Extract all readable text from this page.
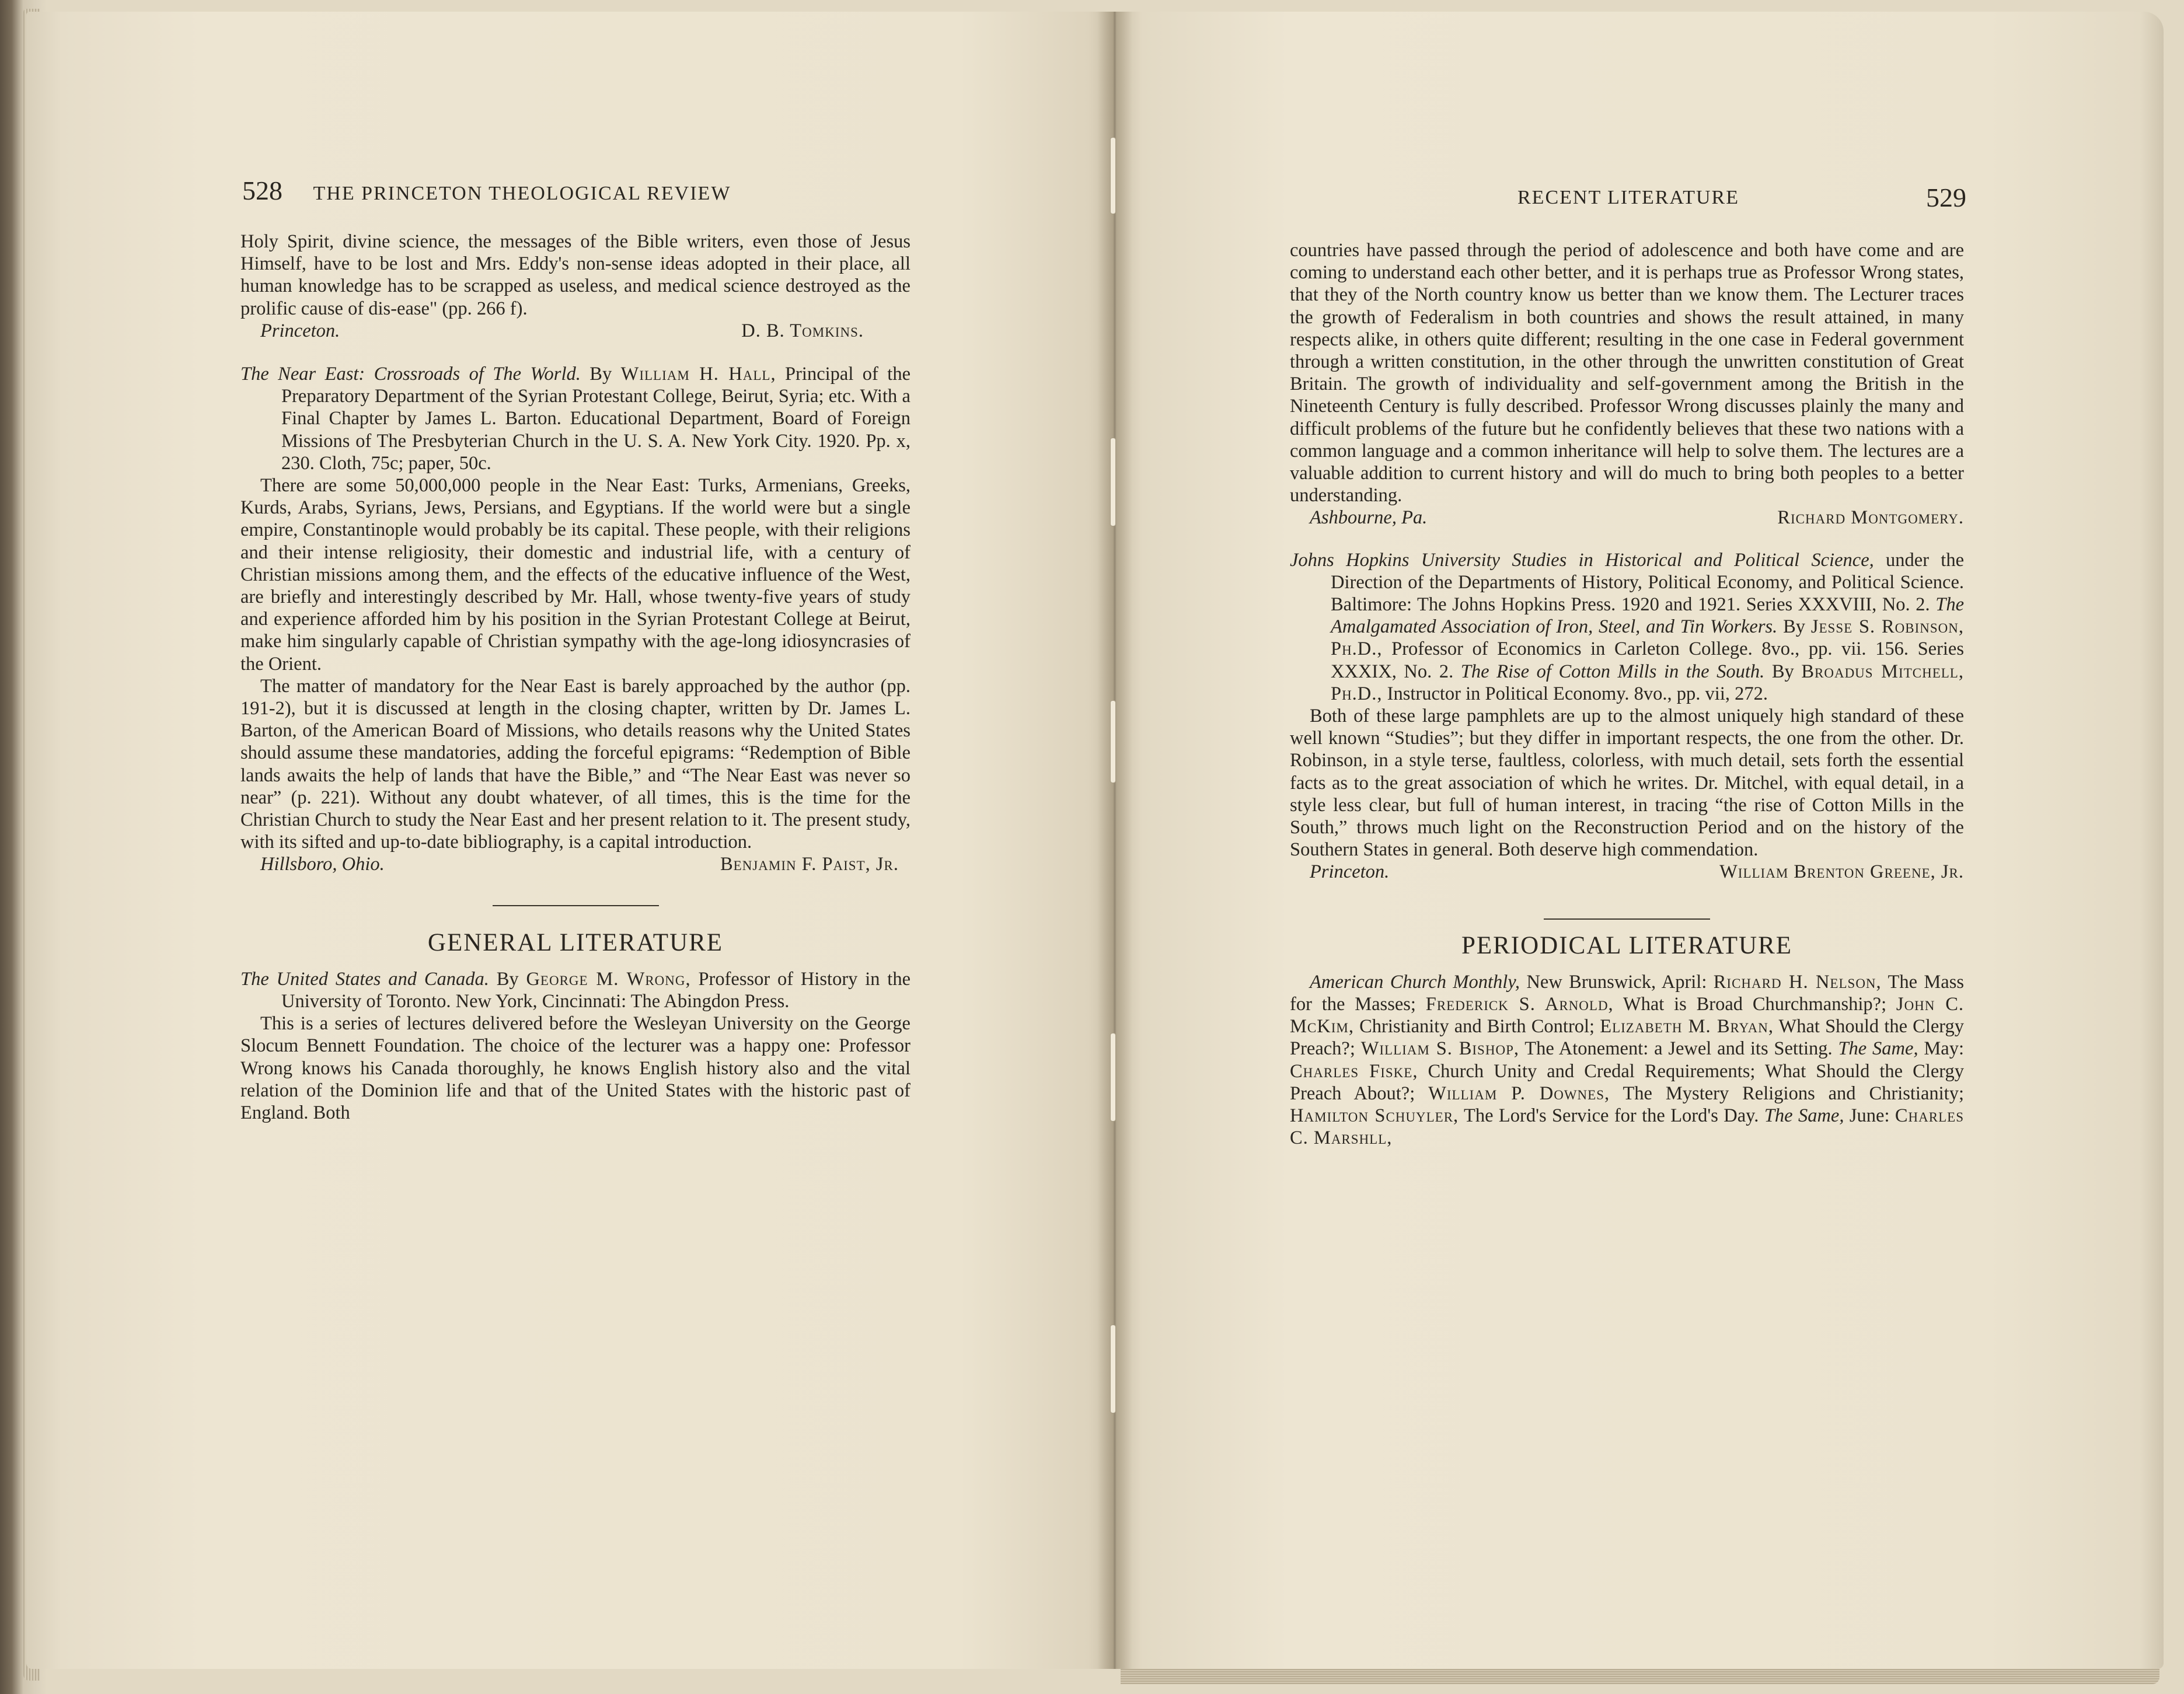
528 THE PRINCETON THEOLOGICAL REVIEW

Holy Spirit, divine science, the messages of the Bible writers, even those of Jesus Himself, have to be lost and Mrs. Eddy's non-sense ideas adopted in their place, all human knowledge has to be scrapped as useless, and medical science destroyed as the prolific cause of dis-ease" (pp. 266 f).

Princeton.	D. B. Tomkins.

The Near East: Crossroads of The World. By William H. Hall, Principal of the Preparatory Department of the Syrian Protestant College, Beirut, Syria; etc. With a Final Chapter by James L. Barton. Educational Department, Board of Foreign Missions of The Presbyterian Church in the U. S. A. New York City. 1920. Pp. x, 230. Cloth, 75c; paper, 50c.

There are some 50,000,000 people in the Near East: Turks, Armenians, Greeks, Kurds, Arabs, Syrians, Jews, Persians, and Egyptians. If the world were but a single empire, Constantinople would probably be its capital. These people, with their religions and their intense religiosity, their domestic and industrial life, with a century of Christian missions among them, and the effects of the educative influence of the West, are briefly and interestingly described by Mr. Hall, whose twenty-five years of study and experience afforded him by his position in the Syrian Protestant College at Beirut, make him singularly capable of Christian sympathy with the age-long idiosyncrasies of the Orient.

The matter of mandatory for the Near East is barely approached by the author (pp. 191-2), but it is discussed at length in the closing chapter, written by Dr. James L. Barton, of the American Board of Missions, who details reasons why the United States should assume these mandatories, adding the forceful epigrams: “Redemption of Bible lands awaits the help of lands that have the Bible,” and “The Near East was never so near” (p. 221). Without any doubt whatever, of all times, this is the time for the Christian Church to study the Near East and her present relation to it. The present study, with its sifted and up-to-date bibliography, is a capital introduction.

Hillsboro, Ohio.	Benjamin F. Paist, Jr.
GENERAL LITERATURE

The United States and Canada. By George M. Wrong, Professor of History in the University of Toronto. New York, Cincinnati: The Abingdon Press.

This is a series of lectures delivered before the Wesleyan University on the George Slocum Bennett Foundation. The choice of the lecturer was a happy one: Professor Wrong knows his Canada thoroughly, he knows English history also and the vital relation of the Dominion life and that of the United States with the historic past of England. Both

RECENT LITERATURE	529

countries have passed through the period of adolescence and both have come and are coming to understand each other better, and it is perhaps true as Professor Wrong states, that they of the North country know us better than we know them. The Lecturer traces the growth of Federalism in both countries and shows the result attained, in many respects alike, in others quite different; resulting in the one case in Federal government through a written constitution, in the other through the unwritten constitution of Great Britain. The growth of individuality and self-government among the British in the Nineteenth Century is fully described. Professor Wrong discusses plainly the many and difficult problems of the future but he confidently believes that these two nations with a common language and a common inheritance will help to solve them. The lectures are a valuable addition to current history and will do much to bring both peoples to a better understanding.

Ashbourne, Pa.	Richard Montgomery.

Johns Hopkins University Studies in Historical and Political Science, under the Direction of the Departments of History, Political Economy, and Political Science. Baltimore: The Johns Hopkins Press. 1920 and 1921. Series XXXVIII, No. 2. The Amalgamated Association of Iron, Steel, and Tin Workers. By Jesse S. Robinson, Ph.D., Professor of Economics in Carleton College. 8vo., pp. vii. 156. Series XXXIX, No. 2. The Rise of Cotton Mills in the South. By Broadus Mitchell, Ph.D., Instructor in Political Economy. 8vo., pp. vii, 272.

Both of these large pamphlets are up to the almost uniquely high standard of these well known “Studies”; but they differ in important respects, the one from the other. Dr. Robinson, in a style terse, faultless, colorless, with much detail, sets forth the essential facts as to the great association of which he writes. Dr. Mitchel, with equal detail, in a style less clear, but full of human interest, in tracing “the rise of Cotton Mills in the South,” throws much light on the Reconstruction Period and on the history of the Southern States in general. Both deserve high commendation.

Princeton.	William Brenton Greene, Jr.
PERIODICAL LITERATURE

American Church Monthly, New Brunswick, April: Richard H. Nelson, The Mass for the Masses; Frederick S. Arnold, What is Broad Churchmanship?; John C. McKim, Christianity and Birth Control; Elizabeth M. Bryan, What Should the Clergy Preach?; William S. Bishop, The Atonement: a Jewel and its Setting. The Same, May: Charles Fiske, Church Unity and Credal Requirements; What Should the Clergy Preach About?; William P. Downes, The Mystery Religions and Christianity; Hamilton Schuyler, The Lord's Service for the Lord's Day. The Same, June: Charles C. Marshll,
